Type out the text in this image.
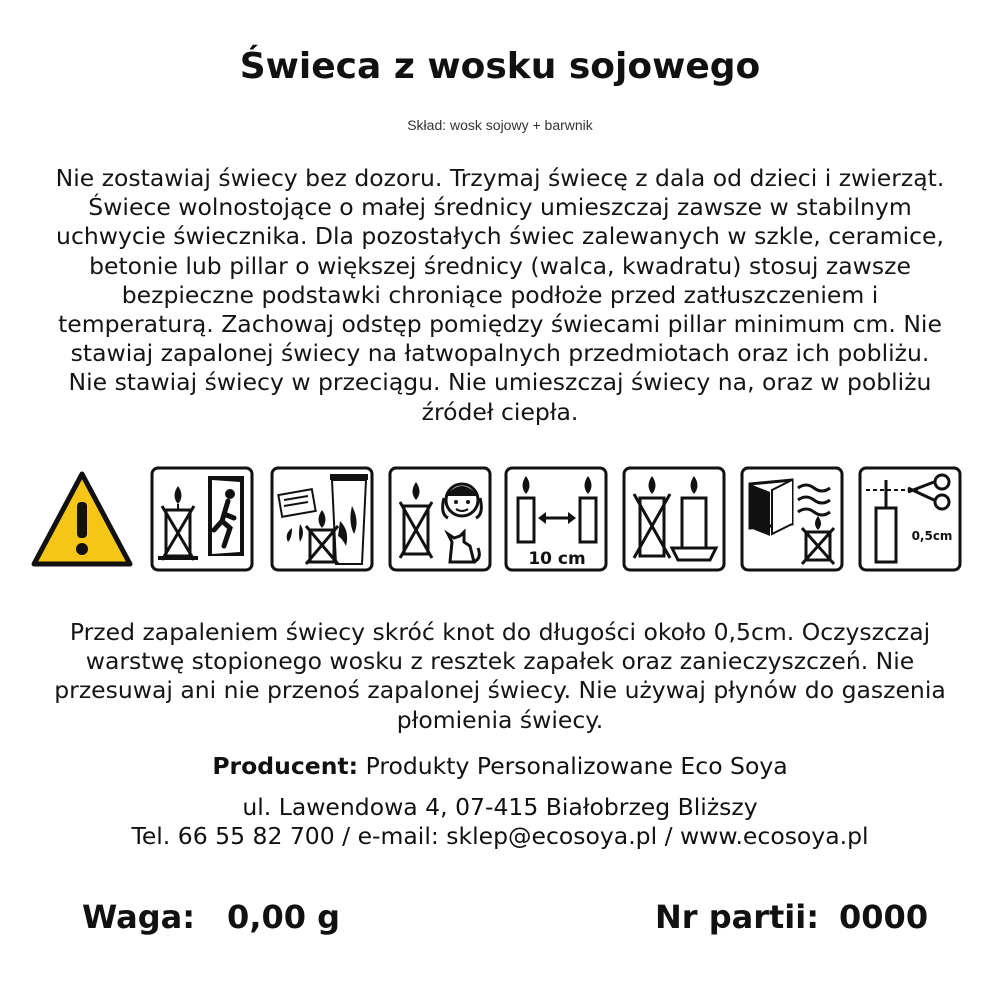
Świeca z wosku sojowego
Skład: wosk sojowy + barwnik
Nie zostawiaj świecy bez dozoru. Trzymaj świecę z dala od dzieci i zwierząt.
Świece wolnostojące o małej średnicy umieszczaj zawsze w stabilnym
uchwycie świecznika. Dla pozostałych świec zalewanych w szkle, ceramice,
betonie lub pillar o większej średnicy (walca, kwadratu) stosuj zawsze
bezpieczne podstawki chroniące podłoże przed zatłuszczeniem i
temperaturą. Zachowaj odstęp pomiędzy świecami pillar minimum cm. Nie
stawiaj zapalonej świecy na łatwopalnych przedmiotach oraz ich pobliżu.
Nie stawiaj świecy w przeciągu. Nie umieszczaj świecy na, oraz w pobliżu
źródeł ciepła.
10 cm
0,5cm
Przed zapaleniem świecy skróć knot do długości około 0,5cm. Oczyszczaj
warstwę stopionego wosku z resztek zapałek oraz zanieczyszczeń. Nie
przesuwaj ani nie przenoś zapalonej świecy. Nie używaj płynów do gaszenia
płomienia świecy.
Producent: Produkty Personalizowane Eco Soya
ul. Lawendowa 4, 07-415 Białobrzeg Bliższy
Tel. 66 55 82 700 / e-mail: sklep@ecosoya.pl / www.ecosoya.pl
Waga: 0,00 g	Nr partii: 0000
